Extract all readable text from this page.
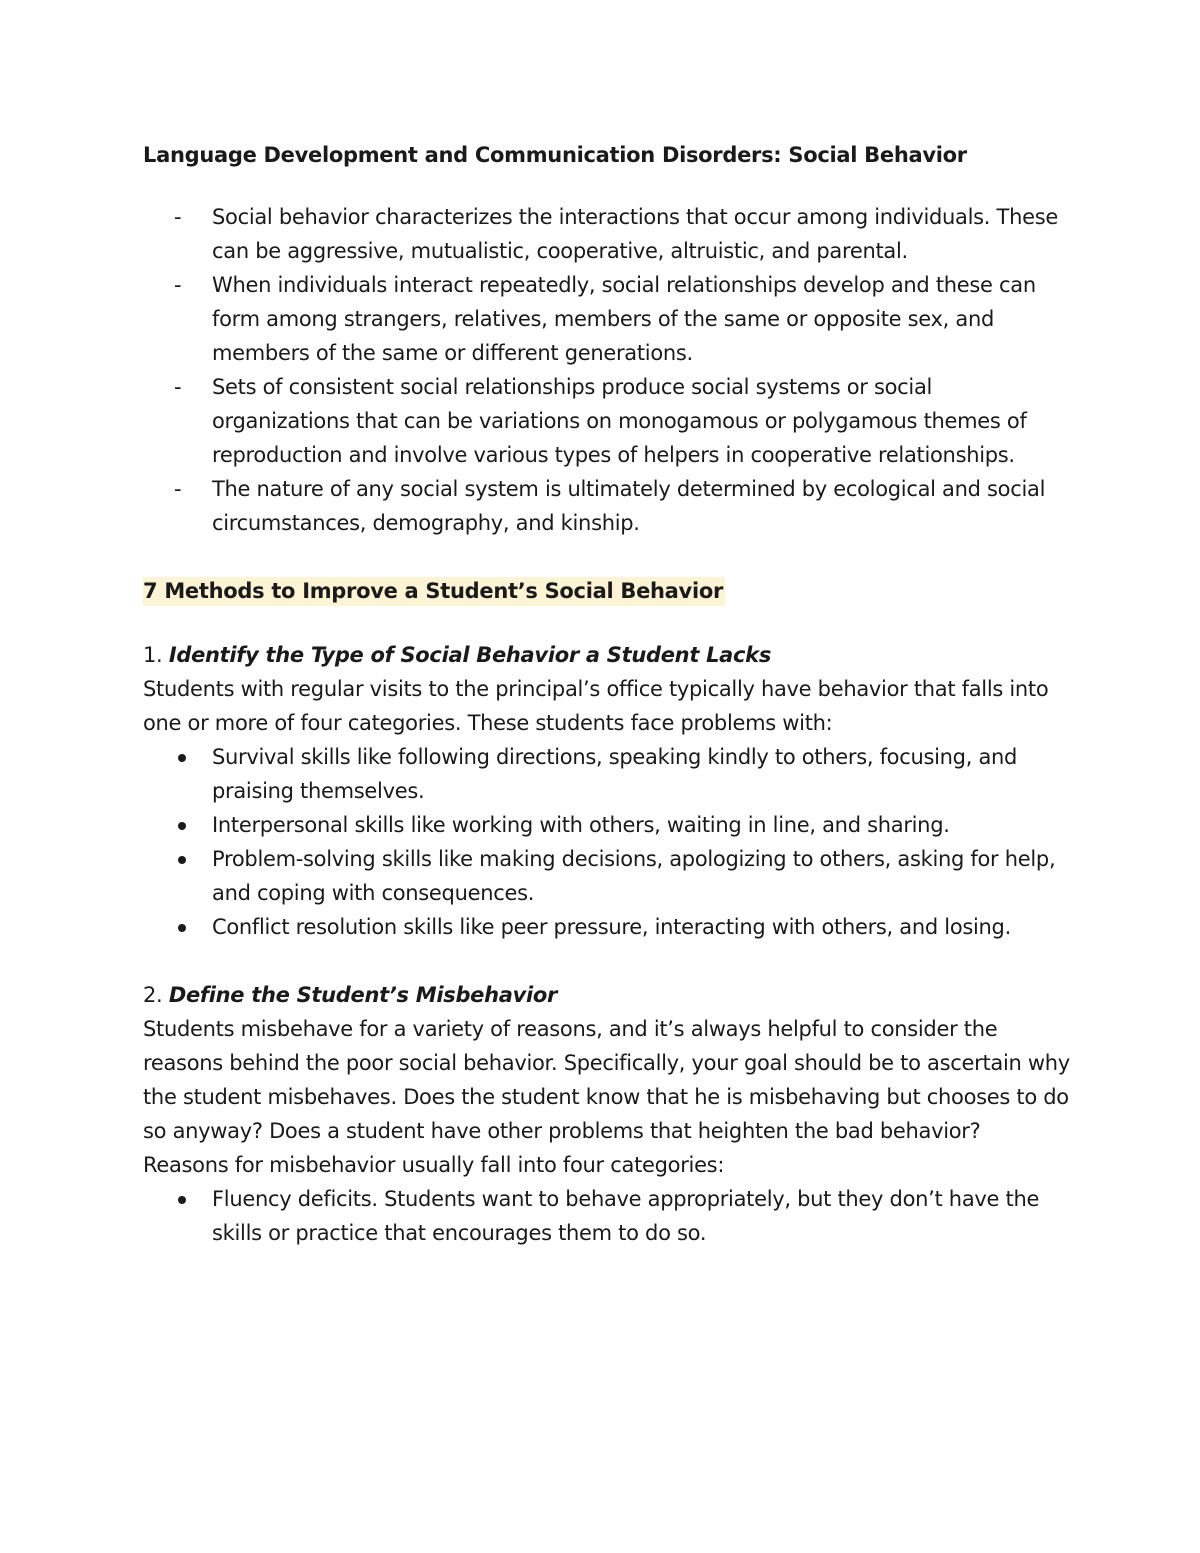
Language Development and Communication Disorders: Social Behavior

- Social behavior characterizes the interactions that occur among individuals. These can be aggressive, mutualistic, cooperative, altruistic, and parental.
- When individuals interact repeatedly, social relationships develop and these can form among strangers, relatives, members of the same or opposite sex, and members of the same or different generations.
- Sets of consistent social relationships produce social systems or social organizations that can be variations on monogamous or polygamous themes of reproduction and involve various types of helpers in cooperative relationships.
- The nature of any social system is ultimately determined by ecological and social circumstances, demography, and kinship.

7 Methods to Improve a Student’s Social Behavior

1. Identify the Type of Social Behavior a Student Lacks

Students with regular visits to the principal’s office typically have behavior that falls into one or more of four categories. These students face problems with:

Survival skills like following directions, speaking kindly to others, focusing, and praising themselves.
Interpersonal skills like working with others, waiting in line, and sharing.
Problem-solving skills like making decisions, apologizing to others, asking for help, and coping with consequences.
Conflict resolution skills like peer pressure, interacting with others, and losing.

2. Define the Student’s Misbehavior

Students misbehave for a variety of reasons, and it’s always helpful to consider the reasons behind the poor social behavior. Specifically, your goal should be to ascertain why the student misbehaves. Does the student know that he is misbehaving but chooses to do so anyway? Does a student have other problems that heighten the bad behavior?

Reasons for misbehavior usually fall into four categories:

Fluency deficits. Students want to behave appropriately, but they don’t have the skills or practice that encourages them to do so.
